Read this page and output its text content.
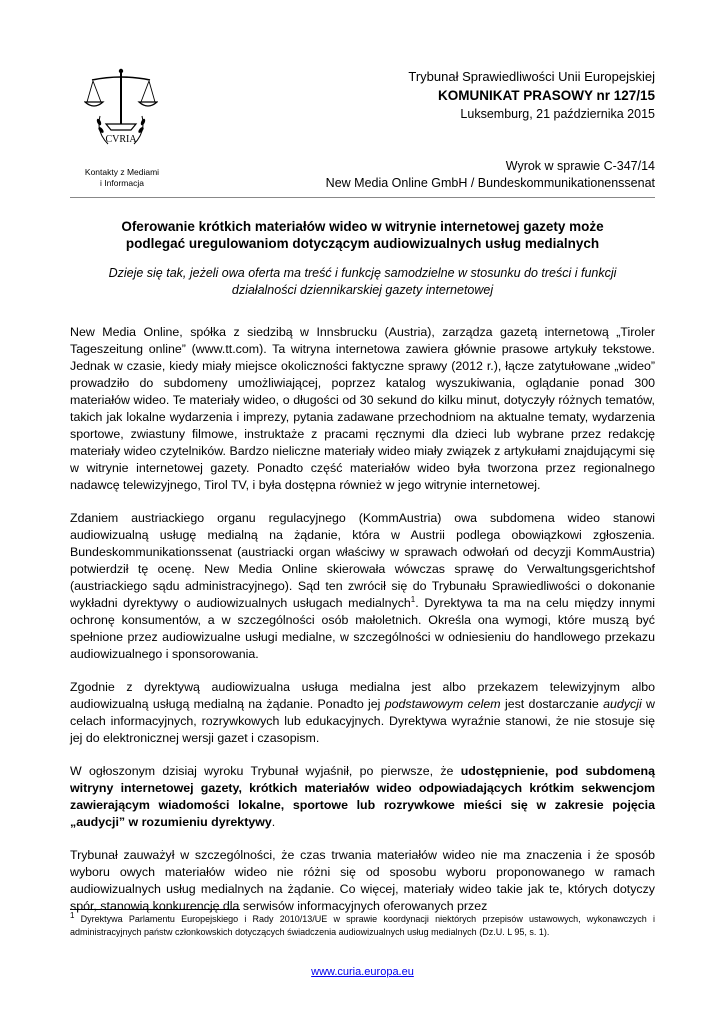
CVRIA
Kontakty z Mediami
i Informacja
Trybunał Sprawiedliwości Unii Europejskiej
KOMUNIKAT PRASOWY nr 127/15
Luksemburg, 21 października 2015
Wyrok w sprawie C-347/14
New Media Online GmbH / Bundeskommunikationenssenat
Oferowanie krótkich materiałów wideo w witrynie internetowej gazety może
podlegać uregulowaniom dotyczącym audiowizualnych usług medialnych
Dzieje się tak, jeżeli owa oferta ma treść i funkcję samodzielne w stosunku do treści i funkcji
działalności dziennikarskiej gazety internetowej

New Media Online, spółka z siedzibą w Innsbrucku (Austria), zarządza gazetą internetową „Tiroler Tageszeitung online” (www.tt.com). Ta witryna internetowa zawiera głównie prasowe artykuły tekstowe. Jednak w czasie, kiedy miały miejsce okoliczności faktyczne sprawy (2012 r.), łącze zatytułowane „wideo” prowadziło do subdomeny umożliwiającej, poprzez katalog wyszukiwania, oglądanie ponad 300 materiałów wideo. Te materiały wideo, o długości od 30 sekund do kilku minut, dotyczyły różnych tematów, takich jak lokalne wydarzenia i imprezy, pytania zadawane przechodniom na aktualne tematy, wydarzenia sportowe, zwiastuny filmowe, instruktaże z pracami ręcznymi dla dzieci lub wybrane przez redakcję materiały wideo czytelników. Bardzo nieliczne materiały wideo miały związek z artykułami znajdującymi się w witrynie internetowej gazety. Ponadto część materiałów wideo była tworzona przez regionalnego nadawcę telewizyjnego, Tirol TV, i była dostępna również w jego witrynie internetowej.

Zdaniem austriackiego organu regulacyjnego (KommAustria) owa subdomena wideo stanowi audiowizualną usługę medialną na żądanie, która w Austrii podlega obowiązkowi zgłoszenia. Bundeskommunikationssenat (austriacki organ właściwy w sprawach odwołań od decyzji KommAustria) potwierdził tę ocenę. New Media Online skierowała wówczas sprawę do Verwaltungsgerichtshof (austriackiego sądu administracyjnego). Sąd ten zwrócił się do Trybunału Sprawiedliwości o dokonanie wykładni dyrektywy o audiowizualnych usługach medialnych$^1$. Dyrektywa ta ma na celu między innymi ochronę konsumentów, a w szczególności osób małoletnich. Określa ona wymogi, które muszą być spełnione przez audiowizualne usługi medialne, w szczególności w odniesieniu do handlowego przekazu audiowizualnego i sponsorowania.

Zgodnie z dyrektywą audiowizualna usługa medialna jest albo przekazem telewizyjnym albo audiowizualną usługą medialną na żądanie. Ponadto jej podstawowym celem jest dostarczanie audycji w celach informacyjnych, rozrywkowych lub edukacyjnych. Dyrektywa wyraźnie stanowi, że nie stosuje się jej do elektronicznej wersji gazet i czasopism.

W ogłoszonym dzisiaj wyroku Trybunał wyjaśnił, po pierwsze, że udostępnienie, pod subdomeną witryny internetowej gazety, krótkich materiałów wideo odpowiadających krótkim sekwencjom zawierającym wiadomości lokalne, sportowe lub rozrywkowe mieści się w zakresie pojęcia „audycji” w rozumieniu dyrektywy.

Trybunał zauważył w szczególności, że czas trwania materiałów wideo nie ma znaczenia i że sposób wyboru owych materiałów wideo nie różni się od sposobu wyboru proponowanego w ramach audiowizualnych usług medialnych na żądanie. Co więcej, materiały wideo takie jak te, których dotyczy spór, stanowią konkurencję dla serwisów informacyjnych oferowanych przez

$^1$ Dyrektywa Parlamentu Europejskiego i Rady 2010/13/UE w sprawie koordynacji niektórych przepisów ustawowych, wykonawczych i administracyjnych państw członkowskich dotyczących świadczenia audiowizualnych usług medialnych (Dz.U. L 95, s. 1).
www.curia.europa.eu
